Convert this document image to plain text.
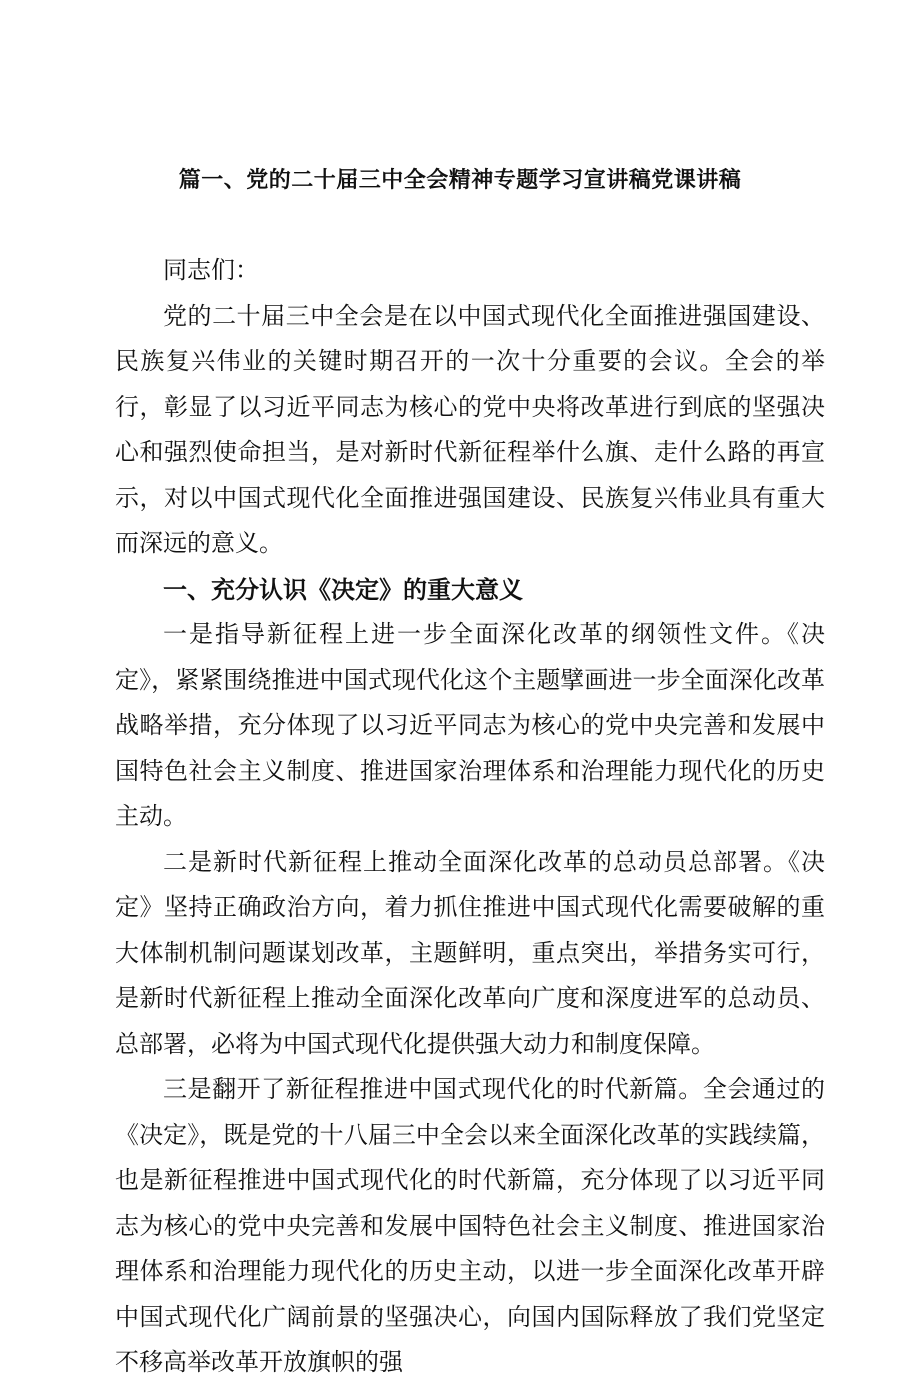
篇一、党的二十届三中全会精神专题学习宣讲稿党课讲稿

同志们：

党的二十届三中全会是在以中国式现代化全面推进强国建设、民族复兴伟业的关键时期召开的一次十分重要的会议。全会的举行，彰显了以习近平同志为核心的党中央将改革进行到底的坚强决心和强烈使命担当，是对新时代新征程举什么旗、走什么路的再宣示，对以中国式现代化全面推进强国建设、民族复兴伟业具有重大而深远的意义。

一、充分认识《决定》的重大意义

一是指导新征程上进一步全面深化改革的纲领性文件。《决定》，紧紧围绕推进中国式现代化这个主题擘画进一步全面深化改革战略举措，充分体现了以习近平同志为核心的党中央完善和发展中国特色社会主义制度、推进国家治理体系和治理能力现代化的历史主动。

二是新时代新征程上推动全面深化改革的总动员总部署。《决定》坚持正确政治方向，着力抓住推进中国式现代化需要破解的重大体制机制问题谋划改革，主题鲜明，重点突出，举措务实可行，是新时代新征程上推动全面深化改革向广度和深度进军的总动员、总部署，必将为中国式现代化提供强大动力和制度保障。

三是翻开了新征程推进中国式现代化的时代新篇。全会通过的《决定》，既是党的十八届三中全会以来全面深化改革的实践续篇，也是新征程推进中国式现代化的时代新篇，充分体现了以习近平同志为核心的党中央完善和发展中国特色社会主义制度、推进国家治理体系和治理能力现代化的历史主动，以进一步全面深化改革开辟中国式现代化广阔前景的坚强决心，向国内国际释放了我们党坚定不移高举改革开放旗帜的强
